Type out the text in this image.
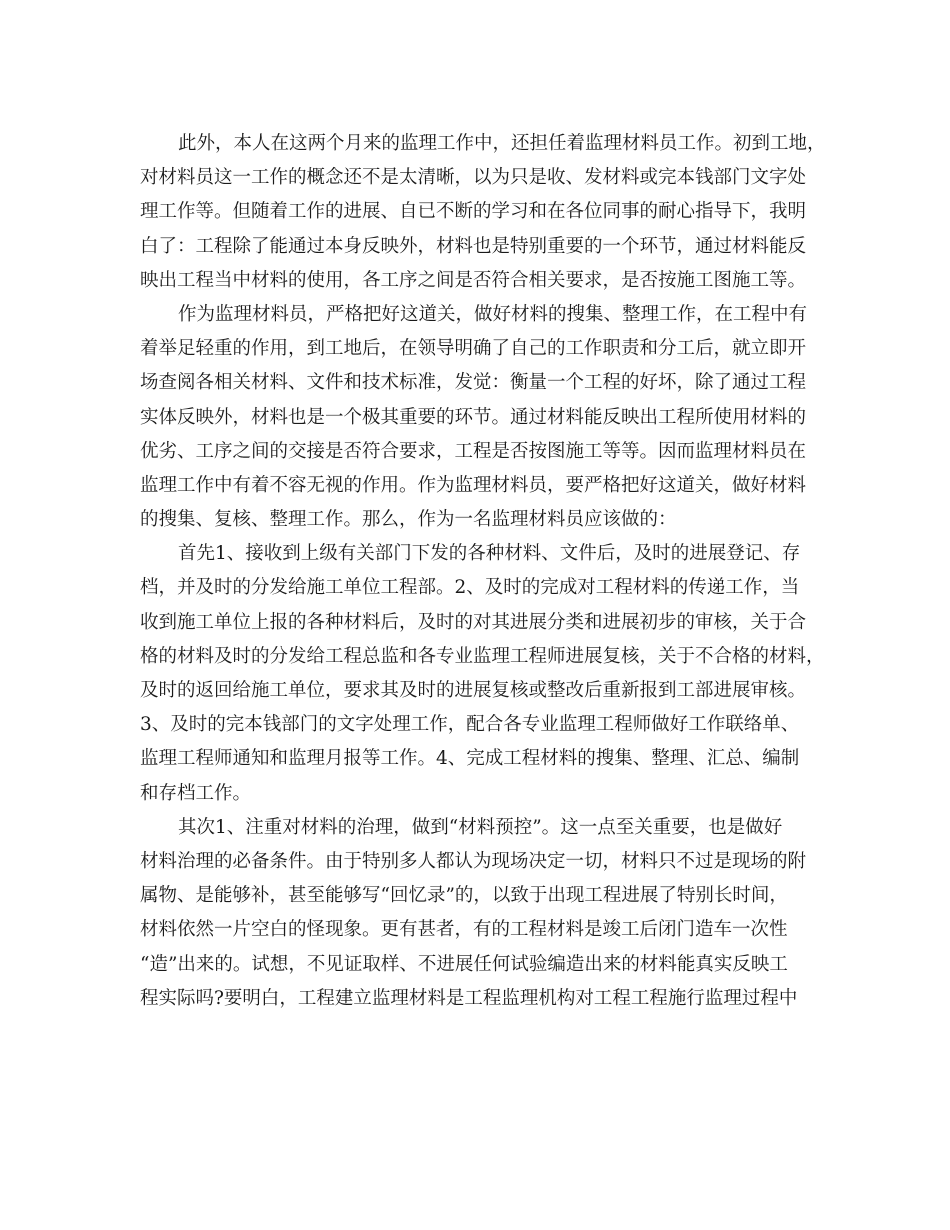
此外，本人在这两个月来的监理工作中，还担任着监理材料员工作。初到工地，
对材料员这一工作的概念还不是太清晰，以为只是收、发材料或完本钱部门文字处
理工作等。但随着工作的进展、自已不断的学习和在各位同事的耐心指导下，我明
白了：工程除了能通过本身反映外，材料也是特别重要的一个环节，通过材料能反
映出工程当中材料的使用，各工序之间是否符合相关要求，是否按施工图施工等。
作为监理材料员，严格把好这道关，做好材料的搜集、整理工作，在工程中有
着举足轻重的作用，到工地后，在领导明确了自己的工作职责和分工后，就立即开
场查阅各相关材料、文件和技术标准，发觉：衡量一个工程的好坏，除了通过工程
实体反映外，材料也是一个极其重要的环节。通过材料能反映出工程所使用材料的
优劣、工序之间的交接是否符合要求，工程是否按图施工等等。因而监理材料员在
监理工作中有着不容无视的作用。作为监理材料员，要严格把好这道关，做好材料
的搜集、复核、整理工作。那么，作为一名监理材料员应该做的：
首先1、接收到上级有关部门下发的各种材料、文件后，及时的进展登记、存
档，并及时的分发给施工单位工程部。2、及时的完成对工程材料的传递工作，当
收到施工单位上报的各种材料后，及时的对其进展分类和进展初步的审核，关于合
格的材料及时的分发给工程总监和各专业监理工程师进展复核，关于不合格的材料，
及时的返回给施工单位，要求其及时的进展复核或整改后重新报到工部进展审核。
3、及时的完本钱部门的文字处理工作，配合各专业监理工程师做好工作联络单、
监理工程师通知和监理月报等工作。4、完成工程材料的搜集、整理、汇总、编制
和存档工作。
其次1、注重对材料的治理，做到“材料预控”。这一点至关重要，也是做好
材料治理的必备条件。由于特别多人都认为现场决定一切，材料只不过是现场的附
属物、是能够补，甚至能够写“回忆录”的，以致于出现工程进展了特别长时间，
材料依然一片空白的怪现象。更有甚者，有的工程材料是竣工后闭门造车一次性
“造”出来的。试想，不见证取样、不进展任何试验编造出来的材料能真实反映工
程实际吗?要明白，工程建立监理材料是工程监理机构对工程工程施行监理过程中
